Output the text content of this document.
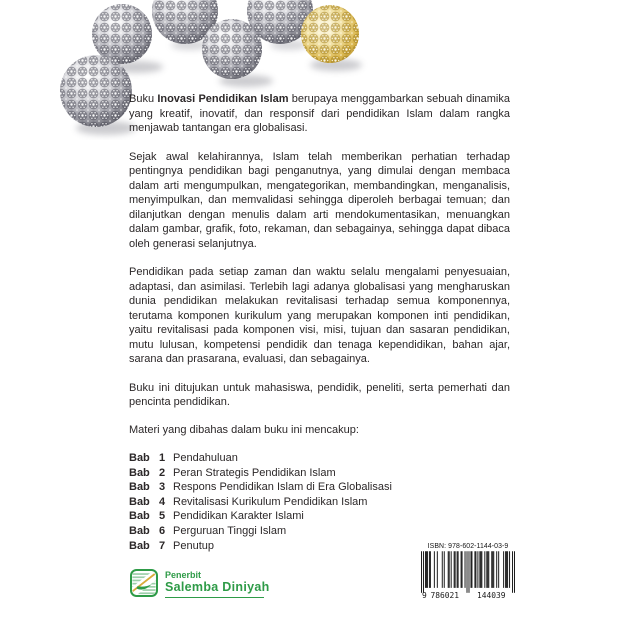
Buku Inovasi Pendidikan Islam berupaya menggambarkan sebuah dinamika yang kreatif, inovatif, dan responsif dari pendidikan Islam dalam rangka menjawab tantangan era globalisasi.

Sejak awal kelahirannya, Islam telah memberikan perhatian terhadap pentingnya pendidikan bagi penganutnya, yang dimulai dengan membaca dalam arti mengumpulkan, mengategorikan, membandingkan, menganalisis, menyimpulkan, dan memvalidasi sehingga diperoleh berbagai temuan; dan dilanjutkan dengan menulis dalam arti mendokumentasikan, menuangkan dalam gambar, grafik, foto, rekaman, dan sebagainya, sehingga dapat dibaca oleh generasi selanjutnya.

Pendidikan pada setiap zaman dan waktu selalu mengalami penyesuaian, adaptasi, dan asimilasi. Terlebih lagi adanya globalisasi yang mengharuskan dunia pendidikan melakukan revitalisasi terhadap semua komponennya, terutama komponen kurikulum yang merupakan komponen inti pendidikan, yaitu revitalisasi pada komponen visi, misi, tujuan dan sasaran pendidikan, mutu lulusan, kompetensi pendidik dan tenaga kependidikan, bahan ajar, sarana dan prasarana, evaluasi, dan sebagainya.

Buku ini ditujukan untuk mahasiswa, pendidik, peneliti, serta pemerhati dan pencinta pendidikan.

Materi yang dibahas dalam buku ini mencakup:

Bab 1 Pendahuluan
Bab 2 Peran Strategis Pendidikan Islam
Bab 3 Respons Pendidikan Islam di Era Globalisasi
Bab 4 Revitalisasi Kurikulum Pendidikan Islam
Bab 5 Pendidikan Karakter Islami
Bab 6 Perguruan Tinggi Islam
Bab 7 Penutup
Penerbit
Salemba Diniyah
ISBN: 978-602-1144-03-9
9 786021 144039
